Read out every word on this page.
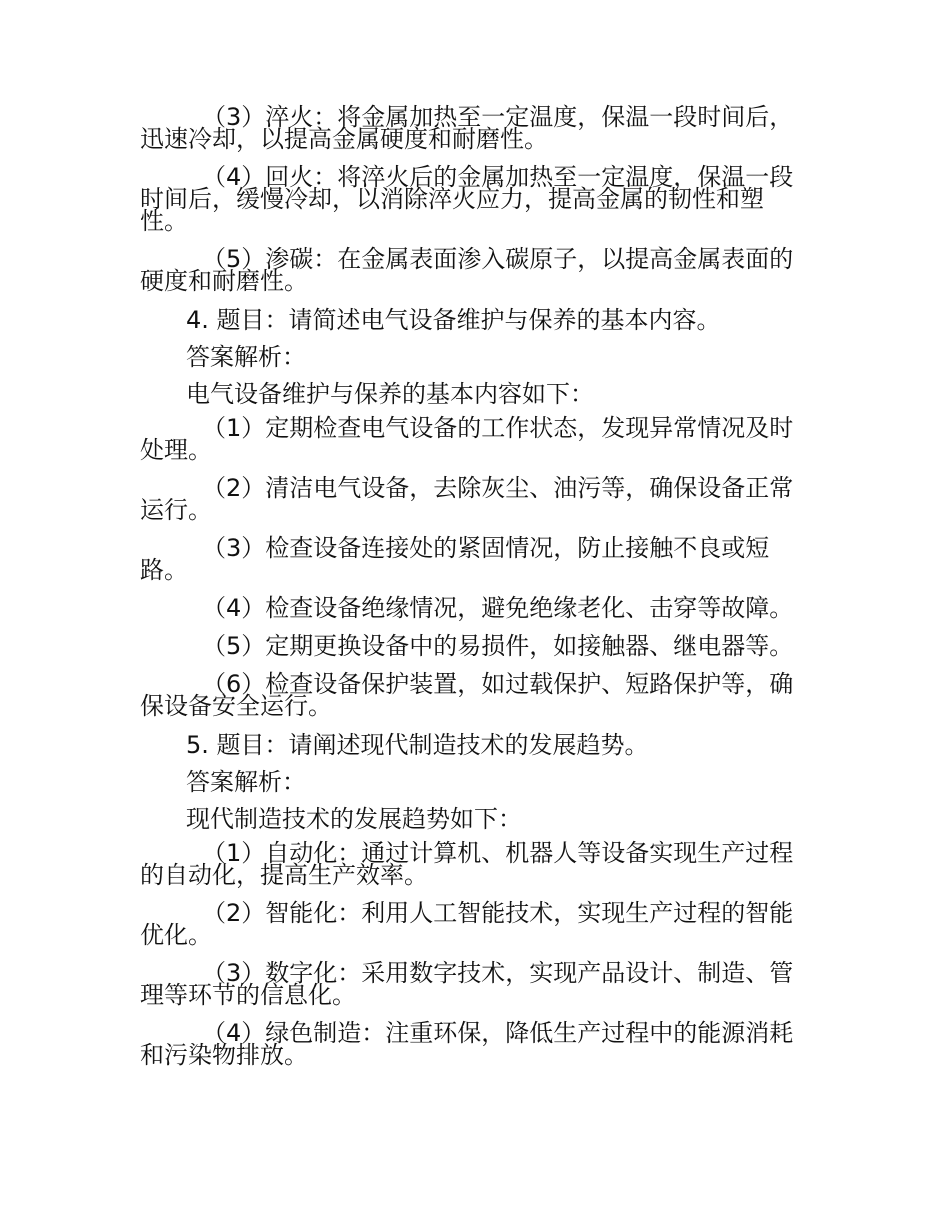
（3）淬火：将金属加热至一定温度，保温一段时间后，迅速冷却，以提高金属硬度和耐磨性。

（4）回火：将淬火后的金属加热至一定温度，保温一段时间后，缓慢冷却，以消除淬火应力，提高金属的韧性和塑性。

（5）渗碳：在金属表面渗入碳原子，以提高金属表面的硬度和耐磨性。

4. 题目：请简述电气设备维护与保养的基本内容。

答案解析：

电气设备维护与保养的基本内容如下：

（1）定期检查电气设备的工作状态，发现异常情况及时处理。

（2）清洁电气设备，去除灰尘、油污等，确保设备正常运行。

（3）检查设备连接处的紧固情况，防止接触不良或短路。

（4）检查设备绝缘情况，避免绝缘老化、击穿等故障。

（5）定期更换设备中的易损件，如接触器、继电器等。

（6）检查设备保护装置，如过载保护、短路保护等，确保设备安全运行。

5. 题目：请阐述现代制造技术的发展趋势。

答案解析：

现代制造技术的发展趋势如下：

（1）自动化：通过计算机、机器人等设备实现生产过程的自动化，提高生产效率。

（2）智能化：利用人工智能技术，实现生产过程的智能优化。

（3）数字化：采用数字技术，实现产品设计、制造、管理等环节的信息化。

（4）绿色制造：注重环保，降低生产过程中的能源消耗和污染物排放。
